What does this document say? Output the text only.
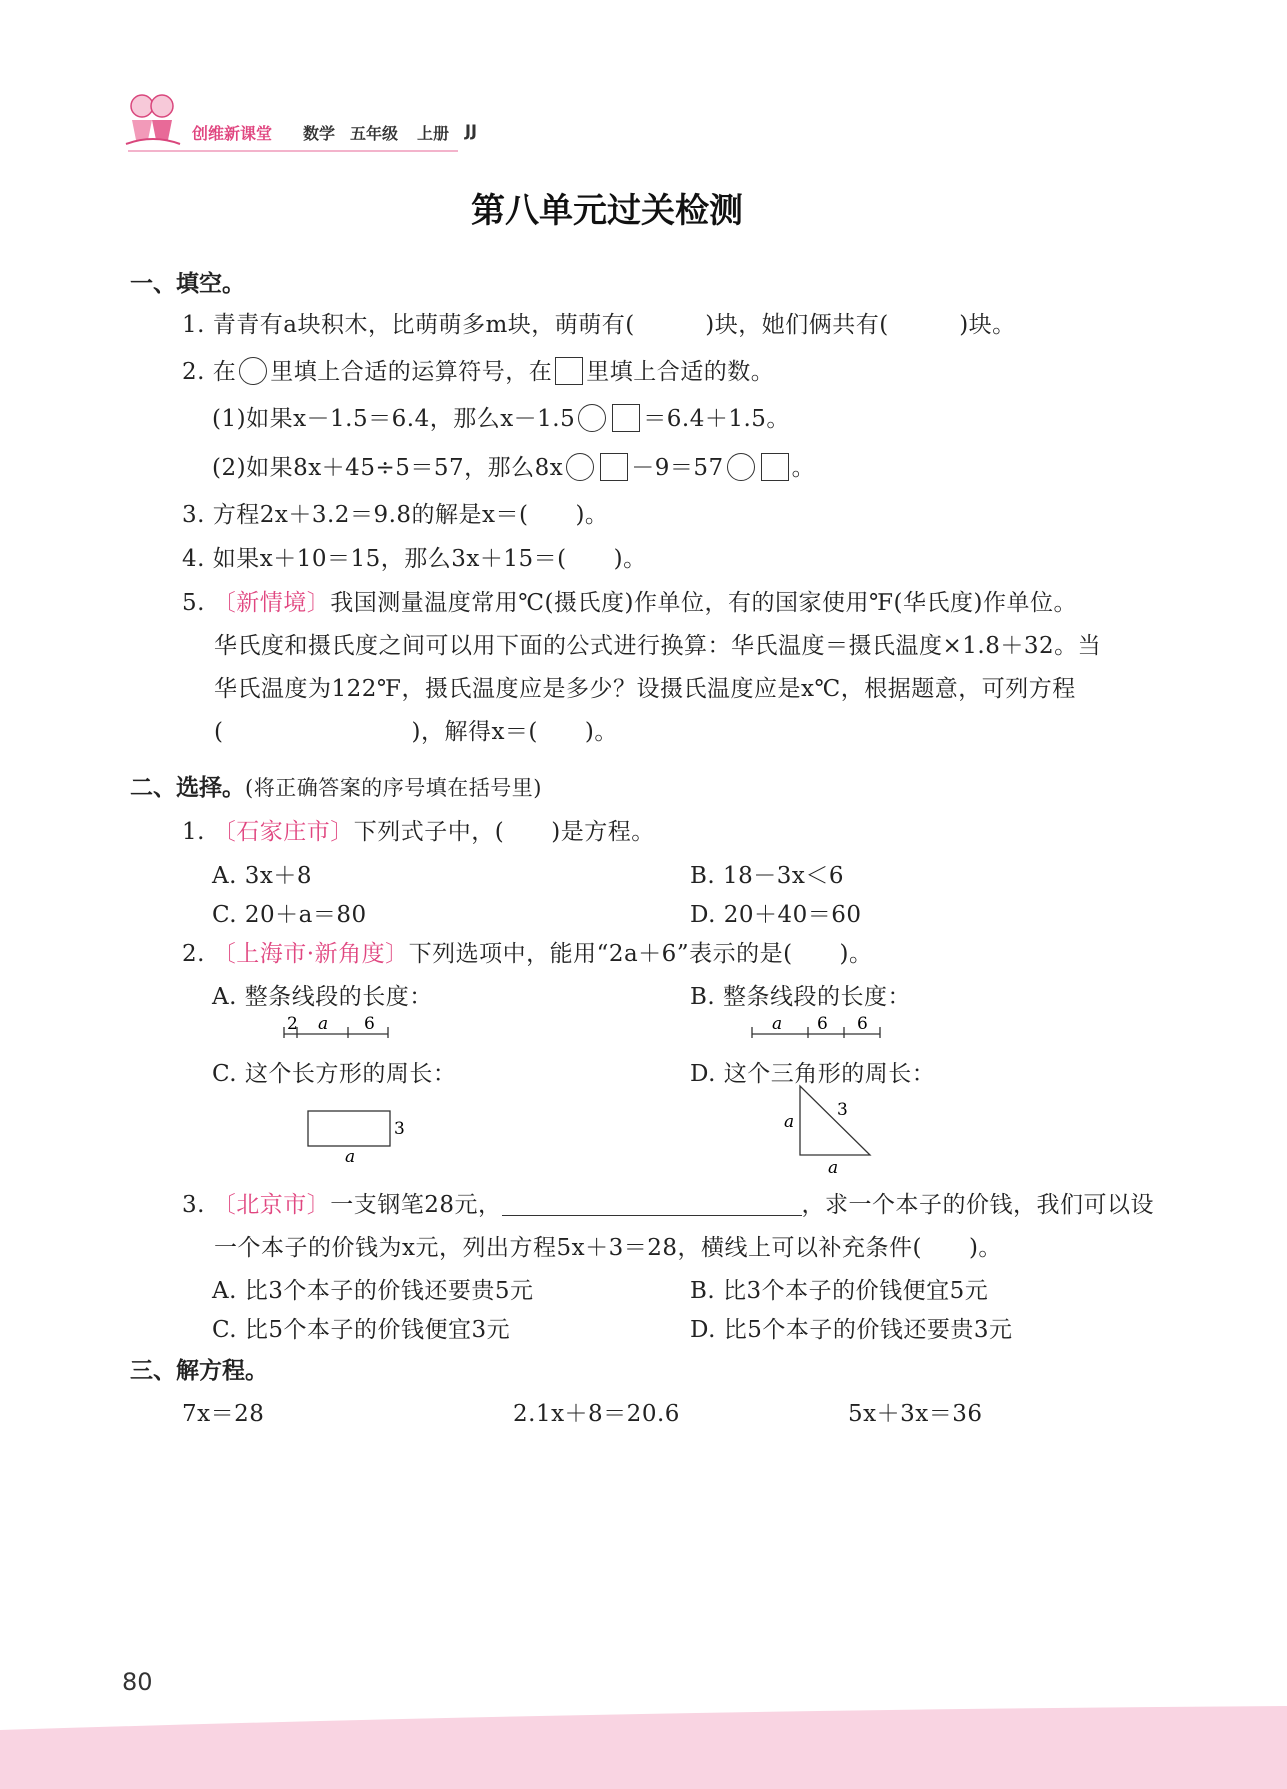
创维新课堂 数学 五年级 上册 JJ
第八单元过关检测
一、填空。
1. 青青有a块积木，比萌萌多m块，萌萌有(　　　)块，她们俩共有(　　　)块。
2. 在 里填上合适的运算符号，在 里填上合适的数。
(1)如果x－1.5＝6.4，那么x－1.5	＝6.4＋1.5。
(2)如果8x＋45÷5＝57，那么8x	－9＝57	。
3. 方程2x＋3.2＝9.8的解是x＝(　　)。
4. 如果x＋10＝15，那么3x＋15＝(　　)。
5. 〔新情境〕我国测量温度常用℃(摄氏度)作单位，有的国家使用℉(华氏度)作单位。
华氏度和摄氏度之间可以用下面的公式进行换算：华氏温度＝摄氏温度×1.8＋32。当
华氏温度为122℉，摄氏温度应是多少？设摄氏温度应是x℃，根据题意，可列方程
(　　　　　　　　)，解得x＝(　　)。
二、选择。(将正确答案的序号填在括号里)
1. 〔石家庄市〕下列式子中，(　　)是方程。
A. 3x＋8	B. 18－3x＜6
C. 20＋a＝80	D. 20＋40＝60
2. 〔上海市·新角度〕下列选项中，能用“2a＋6”表示的是(　　)。
A. 整条线段的长度：	B. 整条线段的长度：
2 a 6	a 6 6
C. 这个长方形的周长：	D. 这个三角形的周长：
3
a
a
3
a
3. 〔北京市〕一支钢笔28元，	，求一个本子的价钱，我们可以设
一个本子的价钱为x元，列出方程5x＋3＝28，横线上可以补充条件(　　)。
A. 比3个本子的价钱还要贵5元	B. 比3个本子的价钱便宜5元
C. 比5个本子的价钱便宜3元	D. 比5个本子的价钱还要贵3元
三、解方程。
7x＝28	2.1x＋8＝20.6	5x＋3x＝36
80
